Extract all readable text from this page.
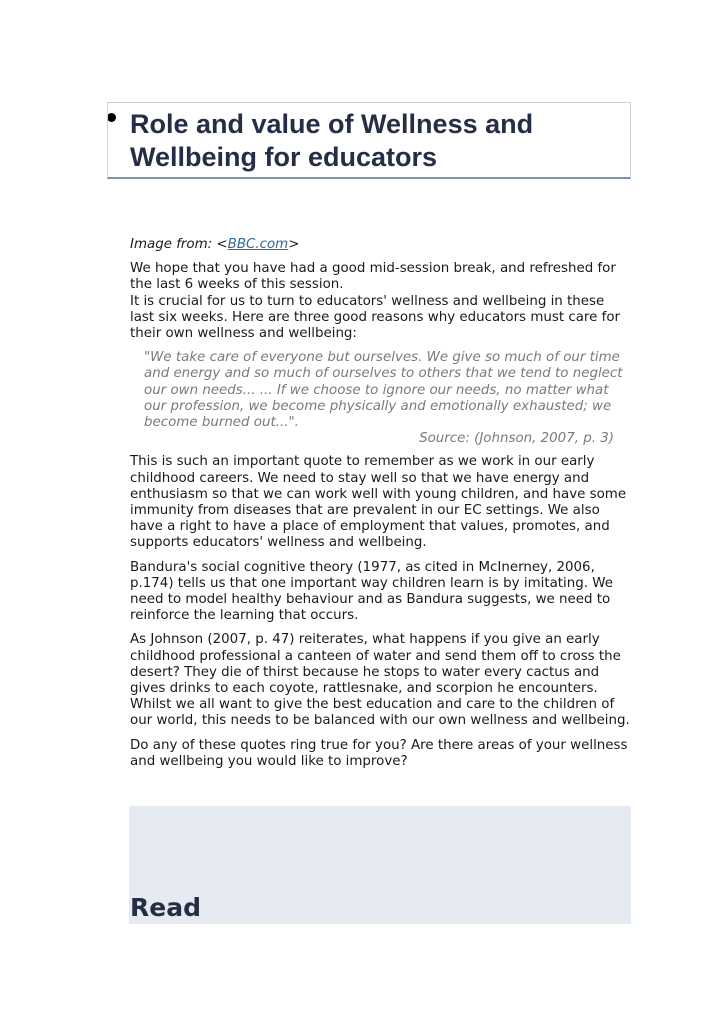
Role and value of Wellness and Wellbeing for educators

Image from: <BBC.com>

We hope that you have had a good mid-session break, and refreshed for the last 6 weeks of this session.
It is crucial for us to turn to educators' wellness and wellbeing in these last six weeks. Here are three good reasons why educators must care for their own wellness and wellbeing:

"We take care of everyone but ourselves. We give so much of our time and energy and so much of ourselves to others that we tend to neglect our own needs... ... If we choose to ignore our needs, no matter what our profession, we become physically and emotionally exhausted; we become burned out...".
Source: (Johnson, 2007, p. 3)

This is such an important quote to remember as we work in our early childhood careers. We need to stay well so that we have energy and enthusiasm so that we can work well with young children, and have some immunity from diseases that are prevalent in our EC settings. We also have a right to have a place of employment that values, promotes, and supports educators' wellness and wellbeing.

Bandura's social cognitive theory (1977, as cited in McInerney, 2006, p.174) tells us that one important way children learn is by imitating. We need to model healthy behaviour and as Bandura suggests, we need to reinforce the learning that occurs.

As Johnson (2007, p. 47) reiterates, what happens if you give an early childhood professional a canteen of water and send them off to cross the desert? They die of thirst because he stops to water every cactus and gives drinks to each coyote, rattlesnake, and scorpion he encounters. Whilst we all want to give the best education and care to the children of our world, this needs to be balanced with our own wellness and wellbeing.

Do any of these quotes ring true for you? Are there areas of your wellness and wellbeing you would like to improve?

Read
